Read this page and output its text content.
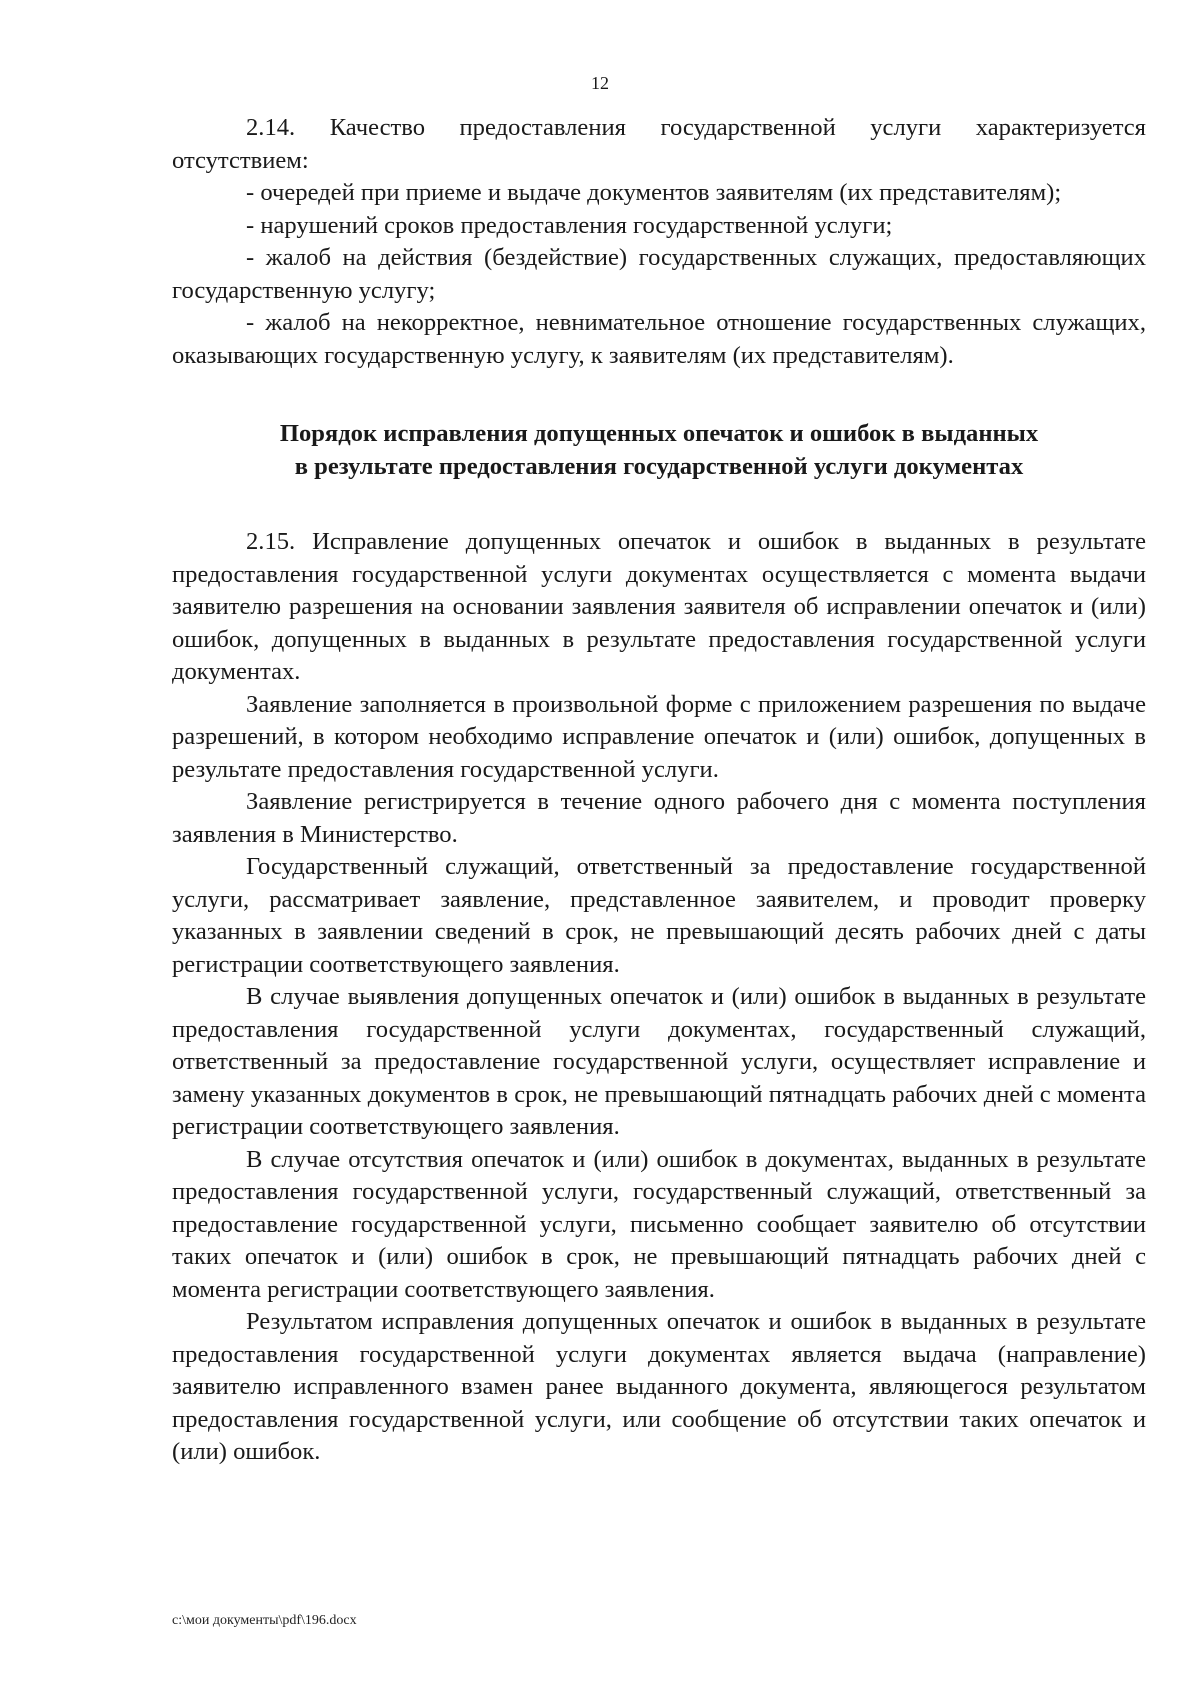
12

2.14. Качество предоставления государственной услуги характеризуется отсутствием:

- очередей при приеме и выдаче документов заявителям (их представителям);

- нарушений сроков предоставления государственной услуги;

- жалоб на действия (бездействие) государственных служащих, предоставляющих государственную услугу;

- жалоб на некорректное, невнимательное отношение государственных служащих, оказывающих государственную услугу, к заявителям (их представителям).

Порядок исправления допущенных опечаток и ошибок в выданных
в результате предоставления государственной услуги документах

2.15. Исправление допущенных опечаток и ошибок в выданных в результате предоставления государственной услуги документах осуществляется с момента выдачи заявителю разрешения на основании заявления заявителя об исправлении опечаток и (или) ошибок, допущенных в выданных в результате предоставления государственной услуги документах.

Заявление заполняется в произвольной форме с приложением разрешения по выдаче разрешений, в котором необходимо исправление опечаток и (или) ошибок, допущенных в результате предоставления государственной услуги.

Заявление регистрируется в течение одного рабочего дня с момента поступления заявления в Министерство.

Государственный служащий, ответственный за предоставление государственной услуги, рассматривает заявление, представленное заявителем, и проводит проверку указанных в заявлении сведений в срок, не превышающий десять рабочих дней с даты регистрации соответствующего заявления.

В случае выявления допущенных опечаток и (или) ошибок в выданных в результате предоставления государственной услуги документах, государственный служащий, ответственный за предоставление государственной услуги, осуществляет исправление и замену указанных документов в срок, не превышающий пятнадцать рабочих дней с момента регистрации соответствующего заявления.

В случае отсутствия опечаток и (или) ошибок в документах, выданных в результате предоставления государственной услуги, государственный служащий, ответственный за предоставление государственной услуги, письменно сообщает заявителю об отсутствии таких опечаток и (или) ошибок в срок, не превышающий пятнадцать рабочих дней с момента регистрации соответствующего заявления.

Результатом исправления допущенных опечаток и ошибок в выданных в результате предоставления государственной услуги документах является выдача (направление) заявителю исправленного взамен ранее выданного документа, являющегося результатом предоставления государственной услуги, или сообщение об отсутствии таких опечаток и (или) ошибок.

c:\мои документы\pdf\196.docx
